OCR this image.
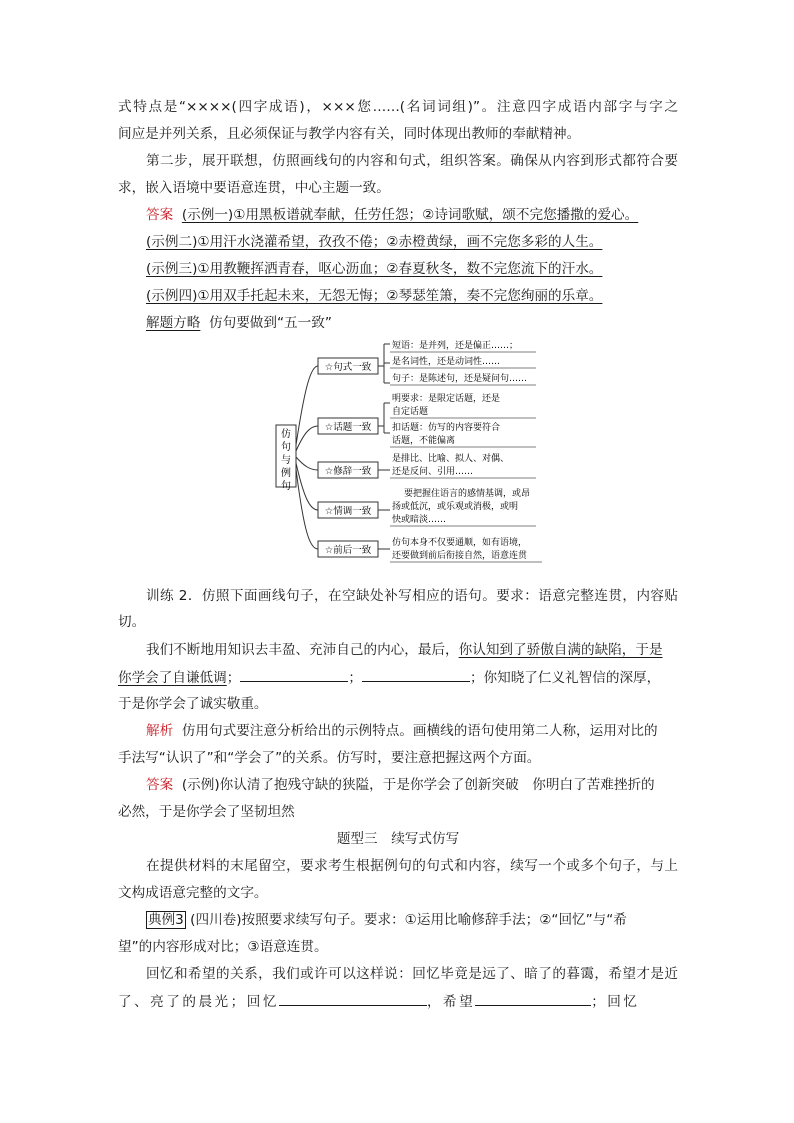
式特点是“××××(四字成语)，×××您……(名词词组)”。注意四字成语内部字与字之
间应是并列关系，且必须保证与教学内容有关，同时体现出教师的奉献精神。
第二步，展开联想，仿照画线句的内容和句式，组织答案。确保从内容到形式都符合要
求，嵌入语境中要语意连贯，中心主题一致。
答案 (示例一)①用黑板谱就奉献，任劳任怨；②诗词歌赋，颂不完您播撒的爱心。
(示例二)①用汗水浇灌希望，孜孜不倦；②赤橙黄绿，画不完您多彩的人生。
(示例三)①用教鞭挥洒青春，呕心沥血；②春夏秋冬，数不完您流下的汗水。
(示例四)①用双手托起未来，无怨无悔；②琴瑟笙箫，奏不完您绚丽的乐章。
解题方略 仿句要做到“五一致”
仿
句
与
例
句
☆句式一致
☆话题一致
☆修辞一致
☆情调一致
☆前后一致
短语：是并列，还是偏正……；
是名词性，还是动词性……
句子：是陈述句，还是疑问句……
明要求：是限定话题，还是
自定话题
扣话题：仿写的内容要符合
话题，不能偏离
是排比、比喻、拟人、对偶、
还是反问、引用……
要把握住语言的感情基调，或昂
扬或低沉，或乐观或消极，或明
快或暗淡……
仿句本身不仅要通顺，如有语境，
还要做到前后衔接自然，语意连贯
训练 2．仿照下面画线句子，在空缺处补写相应的语句。要求：语意完整连贯，内容贴
切。
我们不断地用知识去丰盈、充沛自己的内心，最后，你认知到了骄傲自满的缺陷，于是
你学会了自谦低调；	；	；你知晓了仁义礼智信的深厚，
于是你学会了诚实敬重。
解析 仿用句式要注意分析给出的示例特点。画横线的语句使用第二人称，运用对比的
手法写“认识了”和“学会了”的关系。仿写时，要注意把握这两个方面。
答案 (示例)你认清了抱残守缺的狭隘，于是你学会了创新突破　你明白了苦难挫折的
必然，于是你学会了坚韧坦然
题型三　续写式仿写
在提供材料的末尾留空，要求考生根据例句的句式和内容，续写一个或多个句子，与上
文构成语意完整的文字。
典例3 (四川卷)按照要求续写句子。要求：①运用比喻修辞手法；②“回忆”与“希
望”的内容形成对比；③语意连贯。
回忆和希望的关系，我们或许可以这样说：回忆毕竟是远了、暗了的暮霭，希望才是近
了、亮了的晨光；回忆	，希望	；回忆
